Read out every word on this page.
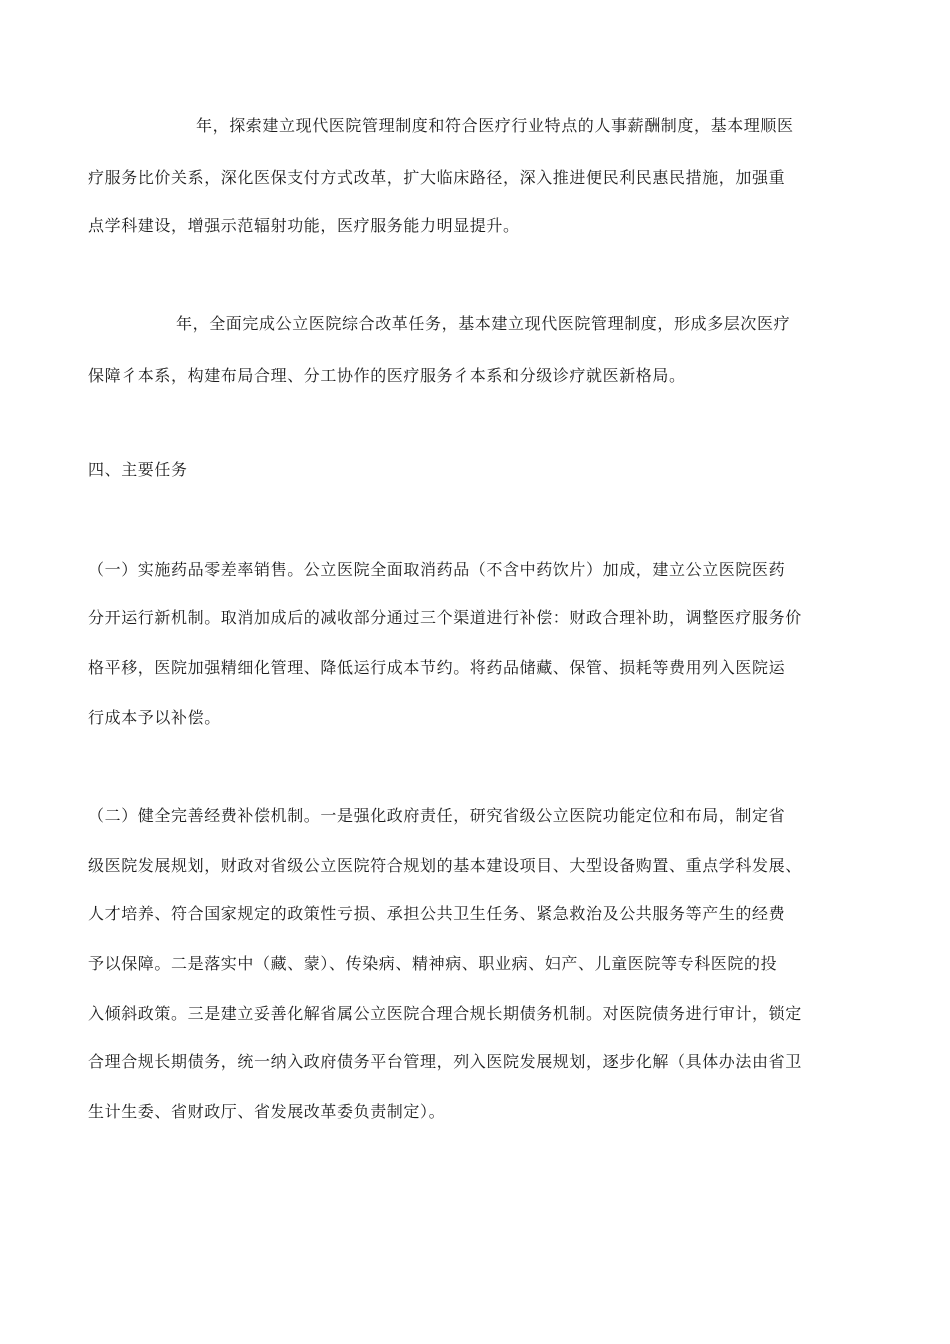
年，探索建立现代医院管理制度和符合医疗行业特点的人事薪酬制度，基本理顺医
疗服务比价关系，深化医保支付方式改革，扩大临床路径，深入推进便民利民惠民措施，加强重
点学科建设，增强示范辐射功能，医疗服务能力明显提升。
年，全面完成公立医院综合改革任务，基本建立现代医院管理制度，形成多层次医疗
保障彳本系，构建布局合理、分工协作的医疗服务彳本系和分级诊疗就医新格局。
四、主要任务
（一）实施药品零差率销售。公立医院全面取消药品（不含中药饮片）加成，建立公立医院医药
分开运行新机制。取消加成后的减收部分通过三个渠道进行补偿：财政合理补助，调整医疗服务价
格平移，医院加强精细化管理、降低运行成本节约。将药品储藏、保管、损耗等费用列入医院运
行成本予以补偿。
（二）健全完善经费补偿机制。一是强化政府责任，研究省级公立医院功能定位和布局，制定省
级医院发展规划，财政对省级公立医院符合规划的基本建设项目、大型设备购置、重点学科发展、
人才培养、符合国家规定的政策性亏损、承担公共卫生任务、紧急救治及公共服务等产生的经费
予以保障。二是落实中（藏、蒙）、传染病、精神病、职业病、妇产、儿童医院等专科医院的投
入倾斜政策。三是建立妥善化解省属公立医院合理合规长期债务机制。对医院债务进行审计，锁定
合理合规长期债务，统一纳入政府债务平台管理，列入医院发展规划，逐步化解（具体办法由省卫
生计生委、省财政厅、省发展改革委负责制定）。
